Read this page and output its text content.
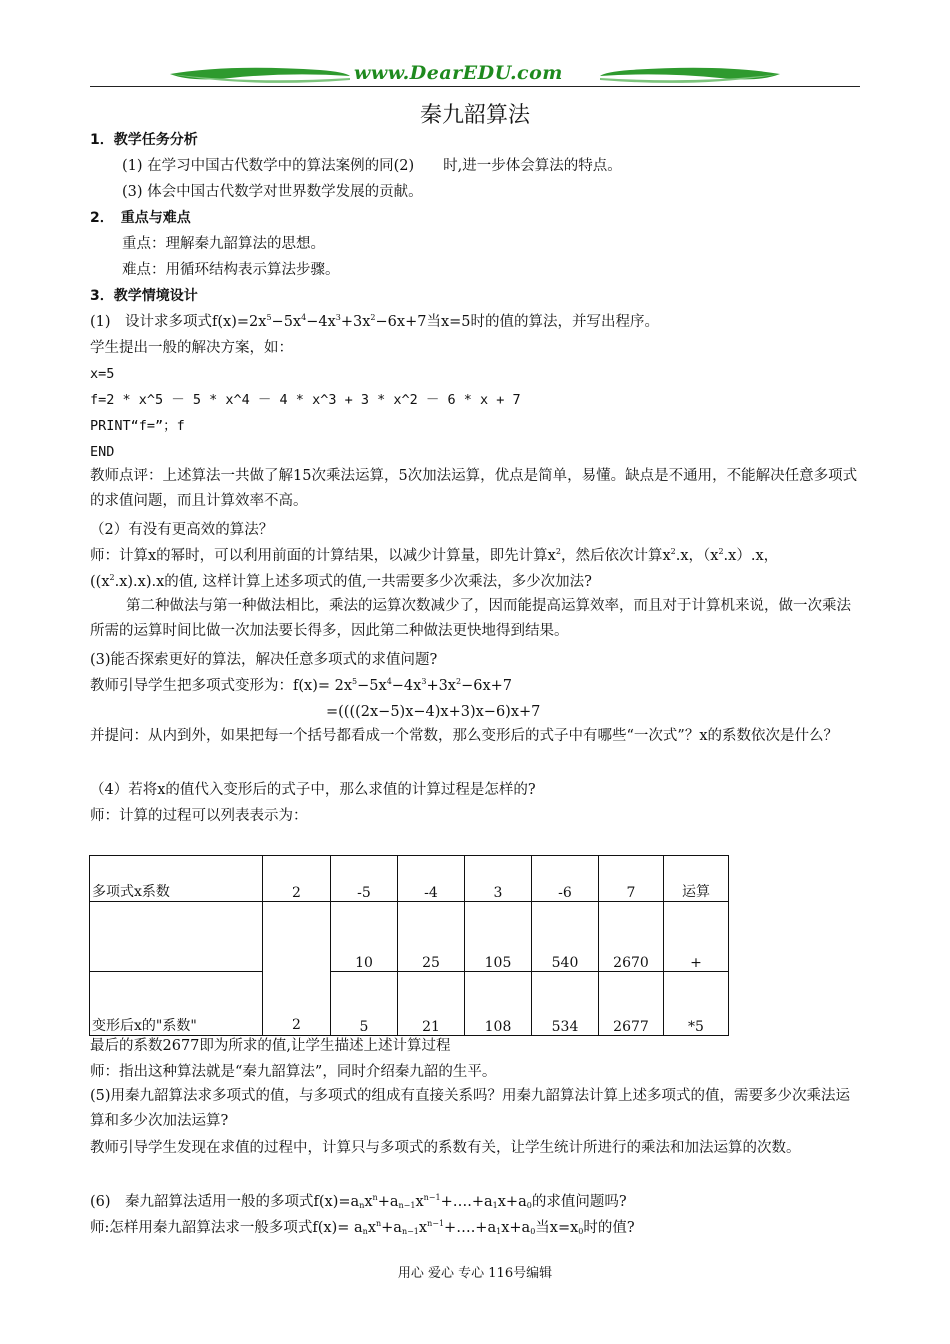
www.DearEDU.com
秦九韶算法
1．教学任务分析
(1) 在学习中国古代数学中的算法案例的同(2)　　时,进一步体会算法的特点。
(3) 体会中国古代数学对世界数学发展的贡献。
2．　重点与难点
重点：理解秦九韶算法的思想。
难点：用循环结构表示算法步骤。
3．教学情境设计
(1)　设计求多项式$f(x)=2x^5-5x^4-4x^3+3x^2-6x+7$当x=5时的值的算法，并写出程序。
学生提出一般的解决方案，如：
x=5
f=2 * x^5 － 5 * x^4 － 4 * x^3 + 3 * x^2 － 6 * x + 7
PRINT“f=”；f
END
教师点评：上述算法一共做了解15次乘法运算，5次加法运算，优点是简单，易懂。缺点是不通用，不能解决任意多项式的求值问题，而且计算效率不高。
（2）有没有更高效的算法？
师：计算x的幂时，可以利用前面的计算结果，以减少计算量，即先计算$x^2$，然后依次计算$x^2.x$，$(x^2.x).x$，
$((x^2.x).x).x$的值, 这样计算上述多项式的值,一共需要多少次乘法，多少次加法?
第二种做法与第一种做法相比，乘法的运算次数减少了，因而能提高运算效率，而且对于计算机来说，做一次乘法所需的运算时间比做一次加法要长得多，因此第二种做法更快地得到结果。
(3)能否探索更好的算法，解决任意多项式的求值问题?
教师引导学生把多项式变形为：$f(x)= 2x^5-5x^4-4x^3+3x^2-6x+7$
=((((2x−5)x−4)x+3)x−6)x+7
并提问：从内到外，如果把每一个括号都看成一个常数，那么变形后的式子中有哪些“一次式”？x的系数依次是什么？
（4）若将x的值代入变形后的式子中，那么求值的计算过程是怎样的?
师：计算的过程可以列表表示为：
多项式x系数	2	-5	-4	3	-6	7	运算

	2	10	25	105	540	2670	+
变形后x的"系数"		5	21	108	534	2677	*5
最后的系数2677即为所求的值,让学生描述上述计算过程
师：指出这种算法就是“秦九韶算法”，同时介绍秦九韶的生平。
(5)用秦九韶算法求多项式的值，与多项式的组成有直接关系吗？用秦九韶算法计算上述多项式的值，需要多少次乘法运算和多少次加法运算?
教师引导学生发现在求值的过程中，计算只与多项式的系数有关，让学生统计所进行的乘法和加法运算的次数。
(6)　秦九韶算法适用一般的多项式$f(x)=a_nx^n+a_{n-1}x^{n-1}+\dots.+a_1x+a_0$的求值问题吗?
师:怎样用秦九韶算法求一般多项式$f(x)= a_nx^n+a_{n-1}x^{n-1}+\dots.+a_1x+a_0$当$x=x_0$时的值?
用心 爱心 专心 116号编辑
